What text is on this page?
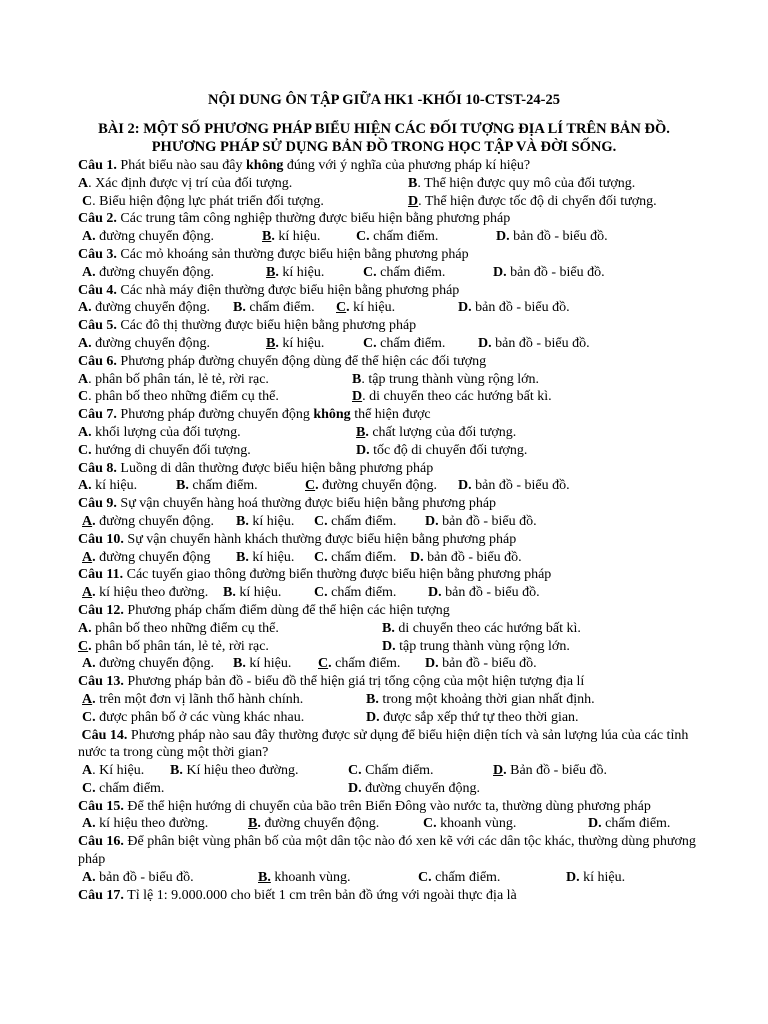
NỘI DUNG ÔN TẬP GIỮA HK1 -KHỐI 10-CTST-24-25
BÀI 2: MỘT SỐ PHƯƠNG PHÁP BIỂU HIỆN CÁC ĐỐI TƯỢNG ĐỊA LÍ TRÊN BẢN ĐỒ.
PHƯƠNG PHÁP SỬ DỤNG BẢN ĐỒ TRONG HỌC TẬP VÀ ĐỜI SỐNG.
Câu 1. Phát biểu nào sau đây không đúng với ý nghĩa của phương pháp kí hiệu?
A. Xác định được vị trí của đối tượng.	B. Thể hiện được quy mô của đối tượng.
C. Biểu hiện động lực phát triển đối tượng.	D. Thể hiện được tốc độ di chyển đối tượng.
Câu 2. Các trung tâm công nghiệp thường được biểu hiện bằng phương pháp
A. đường chuyển động.	B. kí hiệu.	C. chấm điểm.	D. bản đồ - biểu đồ.
Câu 3. Các mỏ khoáng sản thường được biểu hiện bằng phương pháp
A. đường chuyển động.	B. kí hiệu.	C. chấm điểm.	D. bản đồ - biểu đồ.
Câu 4. Các nhà máy điện thường được biểu hiện bằng phương pháp
A. đường chuyển động. B. chấm điểm. C. kí hiệu.	D. bản đồ - biểu đồ.
Câu 5. Các đô thị thường được biểu hiện bằng phương pháp
A. đường chuyển động.	B. kí hiệu.	C. chấm điểm. D. bản đồ - biểu đồ.
Câu 6. Phương pháp đường chuyển động dùng để thể hiện các đối tượng
A. phân bố phân tán, lẻ tẻ, rời rạc.	B. tập trung thành vùng rộng lớn.
C. phân bố theo những điểm cụ thể.	D. di chuyển theo các hướng bất kì.
Câu 7. Phương pháp đường chuyển động không thể hiện được
A. khối lượng của đối tượng.	B. chất lượng của đối tượng.
C. hướng di chuyển đối tượng.	D. tốc độ di chuyển đối tượng.
Câu 8. Luồng di dân thường được biểu hiện bằng phương pháp
A. kí hiệu.	B. chấm điểm.	C. đường chuyển động. D. bản đồ - biểu đồ.
Câu 9. Sự vận chuyển hàng hoá thường được biểu hiện bằng phương pháp
A. đường chuyển động. B. kí hiệu. C. chấm điểm. D. bản đồ - biểu đồ.
Câu 10. Sự vận chuyển hành khách thường được biểu hiện bằng phương pháp
A. đường chuyển động B. kí hiệu. C. chấm điểm. D. bản đồ - biểu đồ.
Câu 11. Các tuyến giao thông đường biển thường được biểu hiện bằng phương pháp
A. kí hiệu theo đường. B. kí hiệu. C. chấm điểm. D. bản đồ - biểu đồ.
Câu 12. Phương pháp chấm điểm dùng để thể hiện các hiện tượng
A. phân bố theo những điểm cụ thể.	B. di chuyển theo các hướng bất kì.
C. phân bố phân tán, lẻ tẻ, rời rạc.	D. tập trung thành vùng rộng lớn.
A. đường chuyển động. B. kí hiệu. C. chấm điểm. D. bản đồ - biểu đồ.
Câu 13. Phương pháp bản đồ - biểu đồ thể hiện giá trị tổng cộng của một hiện tượng địa lí
A. trên một đơn vị lãnh thổ hành chính.	B. trong một khoảng thời gian nhất định.
C. được phân bố ở các vùng khác nhau.	D. được sắp xếp thứ tự theo thời gian.
Câu 14. Phương pháp nào sau đây thường được sử dụng để biểu hiện diện tích và sản lượng lúa của các tỉnh nước ta trong cùng một thời gian?
A. Kí hiệu. B. Kí hiệu theo đường.	C. Chấm điểm.	D. Bản đồ - biểu đồ.
C. chấm điểm.	D. đường chuyển động.
Câu 15. Để thể hiện hướng di chuyển của bão trên Biển Đông vào nước ta, thường dùng phương pháp
A. kí hiệu theo đường.	B. đường chuyển động.	C. khoanh vùng.	D. chấm điểm.
Câu 16. Để phân biệt vùng phân bố của một dân tộc nào đó xen kẽ với các dân tộc khác, thường dùng phương pháp
A. bản đồ - biểu đồ.	B. khoanh vùng.	C. chấm điểm.	D. kí hiệu.
Câu 17. Tỉ lệ 1: 9.000.000 cho biết 1 cm trên bản đồ ứng với ngoài thực địa là
